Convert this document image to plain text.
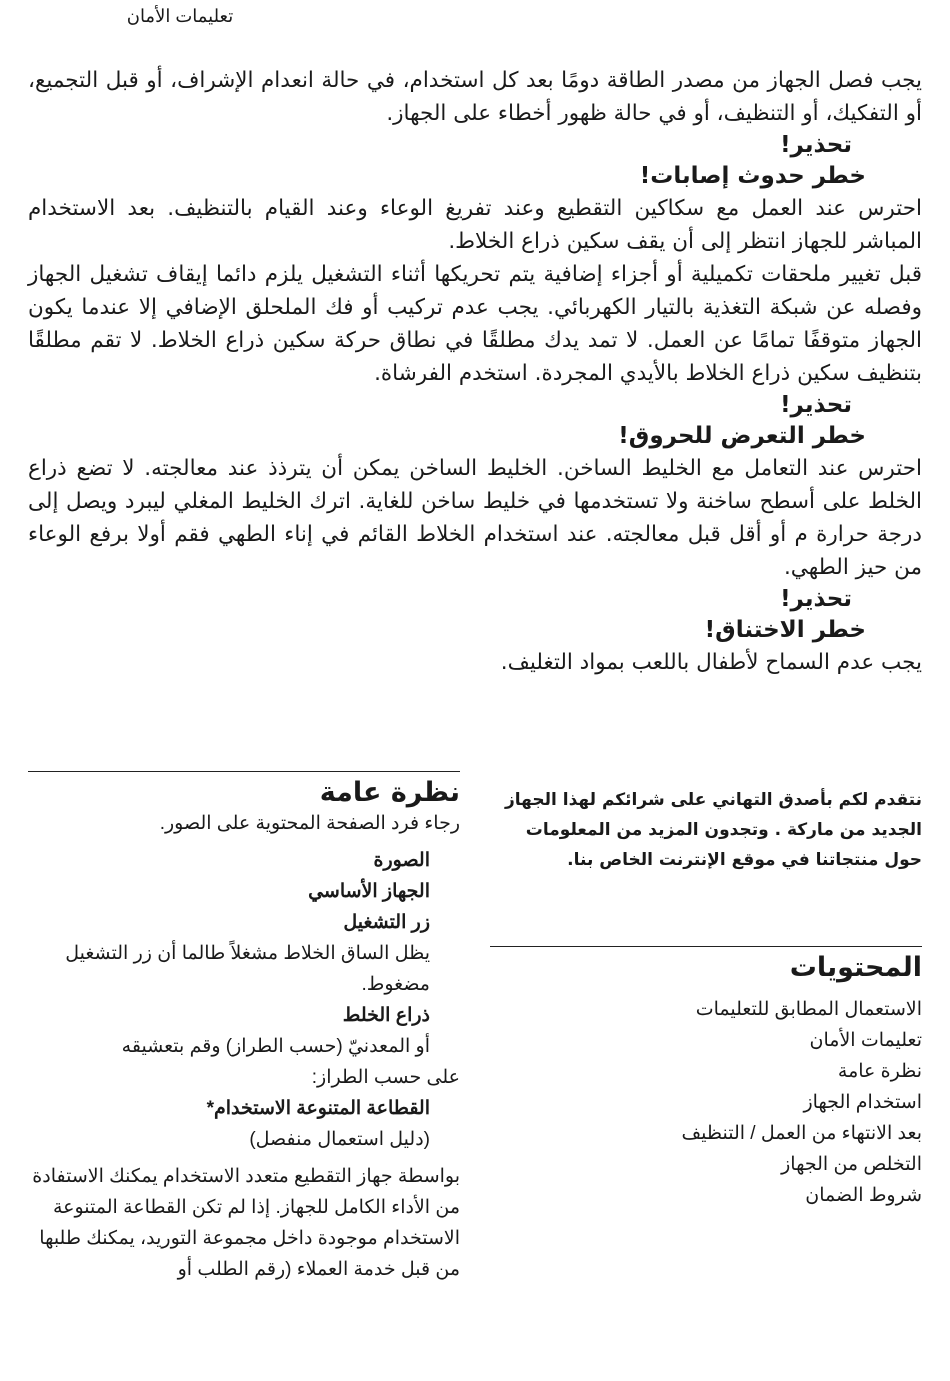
تعليمات الأمان

يجب فصل الجهاز من مصدر الطاقة دومًا بعد كل استخدام، في حالة انعدام الإشراف، أو قبل التجميع، أو التفكيك، أو التنظيف، أو في حالة ظهور أخطاء على الجهاز.

تحذير!

خطر حدوث إصابات!

احترس عند العمل مع سكاكين التقطيع وعند تفريغ الوعاء وعند القيام بالتنظيف. بعد الاستخدام المباشر للجهاز انتظر إلى أن يقف سكين ذراع الخلاط.

قبل تغيير ملحقات تكميلية أو أجزاء إضافية يتم تحريكها أثناء التشغيل يلزم دائما إيقاف تشغيل الجهاز وفصله عن شبكة التغذية بالتيار الكهربائي. يجب عدم تركيب أو فك الملحلق الإضافي إلا عندما يكون الجهاز متوقفًا تمامًا عن العمل. لا تمد يدك مطلقًا في نطاق حركة سكين ذراع الخلاط. لا تقم مطلقًا بتنظيف سكين ذراع الخلاط بالأيدي المجردة. استخدم الفرشاة.

تحذير!

خطر التعرض للحروق!

احترس عند التعامل مع الخليط الساخن. الخليط الساخن يمكن أن يترذذ عند معالجته. لا تضع ذراع الخلط على أسطح ساخنة ولا تستخدمها في خليط ساخن للغاية. اترك الخليط المغلي ليبرد ويصل إلى درجة حرارة م أو أقل قبل معالجته. عند استخدام الخلاط القائم في إناء الطهي فقم أولا برفع الوعاء من حيز الطهي.

تحذير!

خطر الاختناق!

يجب عدم السماح لأطفال باللعب بمواد التغليف.

نتقدم لكم بأصدق التهاني على شرائكم لهذا الجهاز الجديد من ماركة . وتجدون المزيد من المعلومات حول منتجاتنا في موقع الإنترنت الخاص بنا.

المحتويات

الاستعمال المطابق للتعليمات
تعليمات الأمان
نظرة عامة
استخدام الجهاز
بعد الانتهاء من العمل / التنظيف
التخلص من الجهاز
شروط الضمان

نظرة عامة

رجاء فرد الصفحة المحتوية على الصور.

الصورة

الجهاز الأساسي

زر التشغيل

يظل الساق الخلاط مشغلاً طالما أن زر التشغيل مضغوط.

ذراع الخلط

أو المعدنيّ (حسب الطراز) وقم بتعشيقه

على حسب الطراز:

القطاعة المتنوعة الاستخدام*

(دليل استعمال منفصل)

بواسطة جهاز التقطيع متعدد الاستخدام يمكنك الاستفادة من الأداء الكامل للجهاز. إذا لم تكن القطاعة المتنوعة الاستخدام موجودة داخل مجموعة التوريد، يمكنك طلبها من قبل خدمة العملاء (رقم الطلب أو
